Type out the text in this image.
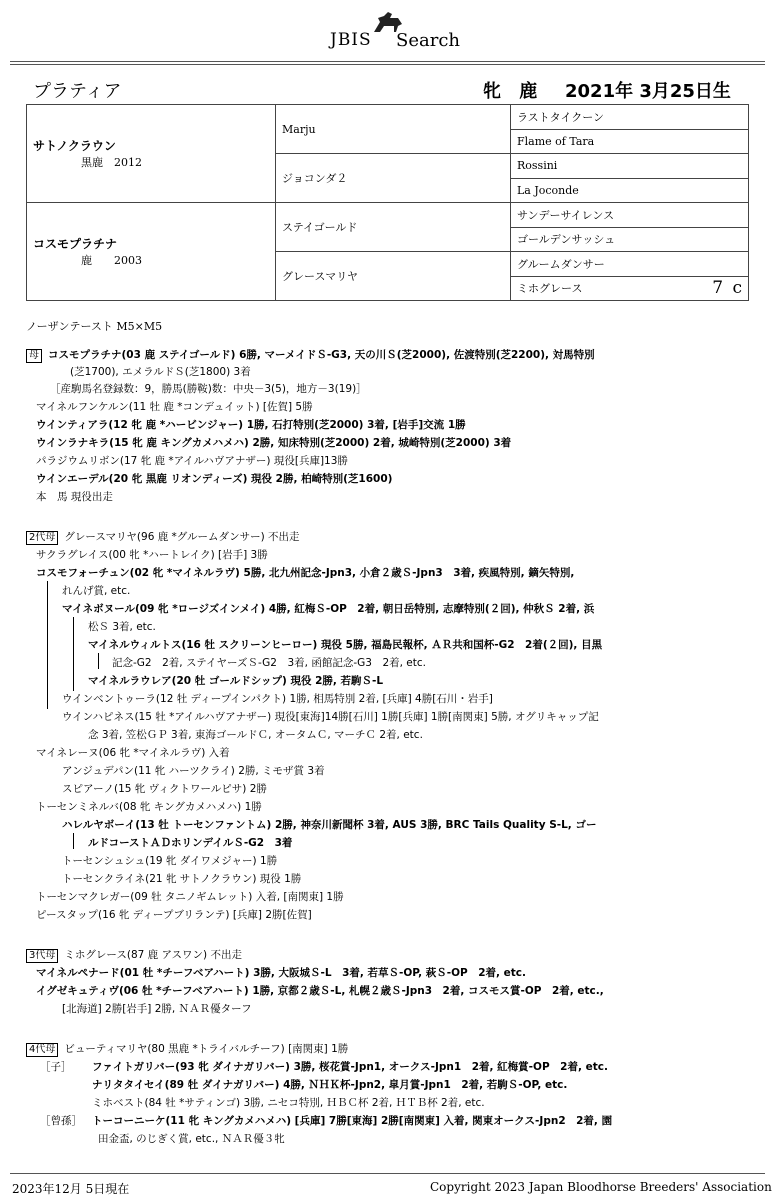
JBIS Search
プラティア	牝 鹿 2021年 3月25日生
サトノクラウン
黒鹿　2012	Marju	ラストタイクーン
		Flame of Tara
	ジョコンダ２	Rossini
		La Joconde

コスモプラチナ
鹿　　2003	ステイゴールド	サンデーサイレンス
		ゴールデンサッシュ
	グレースマリヤ	グルームダンサー
		ミホグレース 7 c
ノーザンテースト M5×M5
母 コスモプラチナ(03 鹿 ステイゴールド) 6勝, マーメイドＳ-G3, 天の川Ｓ(芝2000), 佐渡特別(芝2200), 対馬特別
(芝1700), エメラルドＳ(芝1800) 3着
［産駒馬名登録数：9，勝馬(勝鞍)数：中央－3(5)，地方－3(19)］
マイネルフンケルン(11 牡 鹿 *コンデュイット) [佐賀] 5勝
ウインティアラ(12 牝 鹿 *ハービンジャー) 1勝, 石打特別(芝2000) 3着, [岩手]交流 1勝
ウインラナキラ(15 牝 鹿 キングカメハメハ) 2勝, 知床特別(芝2000) 2着, 城崎特別(芝2000) 3着
パラジウムリボン(17 牝 鹿 *アイルハヴアナザー) 現役[兵庫]13勝
ウインエーデル(20 牝 黒鹿 リオンディーズ) 現役 2勝, 柏崎特別(芝1600)
本　馬 現役出走
2代母 グレースマリヤ(96 鹿 *グルームダンサー) 不出走
サクラグレイス(00 牝 *ハートレイク) [岩手] 3勝
コスモフォーチュン(02 牝 *マイネルラヴ) 5勝, 北九州記念-Jpn3, 小倉２歳Ｓ-Jpn3　3着, 疾風特別, 鏑矢特別,
れんげ賞, etc.
マイネボヌール(09 牝 *ロージズインメイ) 4勝, 紅梅Ｓ-OP　2着, 朝日岳特別, 志摩特別(２回), 仲秋Ｓ 2着, 浜
松Ｓ 3着, etc.
マイネルウィルトス(16 牡 スクリーンヒーロー) 現役 5勝, 福島民報杯, ＡＲ共和国杯-G2　2着(２回), 目黒
記念-G2　2着, ステイヤーズＳ-G2　3着, 函館記念-G3　2着, etc.
マイネルラウレア(20 牡 ゴールドシップ) 現役 2勝, 若駒Ｓ-L
ウインベントゥーラ(12 牡 ディープインパクト) 1勝, 相馬特別 2着, [兵庫] 4勝[石川・岩手]
ウインハピネス(15 牡 *アイルハヴアナザー) 現役[東海]14勝[石川] 1勝[兵庫] 1勝[南関東] 5勝, オグリキャップ記
念 3着, 笠松ＧＰ 3着, 東海ゴールドＣ, オータムＣ, マーチＣ 2着, etc.
マイネレーヌ(06 牝 *マイネルラヴ) 入着
アンジュデパン(11 牝 ハーツクライ) 2勝, ミモザ賞 3着
スピアーノ(15 牝 ヴィクトワールピサ) 2勝
トーセンミネルバ(08 牝 キングカメハメハ) 1勝
ハレルヤボーイ(13 牡 トーセンファントム) 2勝, 神奈川新聞杯 3着, AUS 3勝, BRC Tails Quality S-L, ゴー
ルドコーストＡＤホリンデイルＳ-G2　3着
トーセンシュシュ(19 牝 ダイワメジャー) 1勝
トーセンクライネ(21 牝 サトノクラウン) 現役 1勝
トーセンマクレガー(09 牡 タニノギムレット) 入着, [南関東] 1勝
ピースタップ(16 牝 ディープブリランテ) [兵庫] 2勝[佐賀]
3代母 ミホグレース(87 鹿 アスワン) 不出走
マイネルペナード(01 牡 *チーフベアハート) 3勝, 大阪城Ｓ-L　3着, 若草Ｓ-OP, 萩Ｓ-OP　2着, etc.
イグゼキュティヴ(06 牡 *チーフベアハート) 1勝, 京都２歳Ｓ-L, 札幌２歳Ｓ-Jpn3　2着, コスモス賞-OP　2着, etc.,
[北海道] 2勝[岩手] 2勝, ＮＡＲ優ターフ
4代母 ビューティマリヤ(80 黒鹿 *トライバルチーフ) [南関東] 1勝
［子］ ファイトガリバー(93 牝 ダイナガリバー) 3勝, 桜花賞-Jpn1, オークス-Jpn1　2着, 紅梅賞-OP　2着, etc.
ナリタタイセイ(89 牡 ダイナガリバー) 4勝, ＮＨＫ杯-Jpn2, 皐月賞-Jpn1　2着, 若駒Ｓ-OP, etc.
ミホベスト(84 牡 *サティンゴ) 3勝, ニセコ特別, ＨＢＣ杯 2着, ＨＴＢ杯 2着, etc.
［曾孫］ トーコーニーケ(11 牝 キングカメハメハ) [兵庫] 7勝[東海] 2勝[南関東] 入着, 関東オークス-Jpn2　2着, 園
田金盃, のじぎく賞, etc., ＮＡＲ優３牝
2023年12月 5日現在	Copyright 2023 Japan Bloodhorse Breeders' Association
